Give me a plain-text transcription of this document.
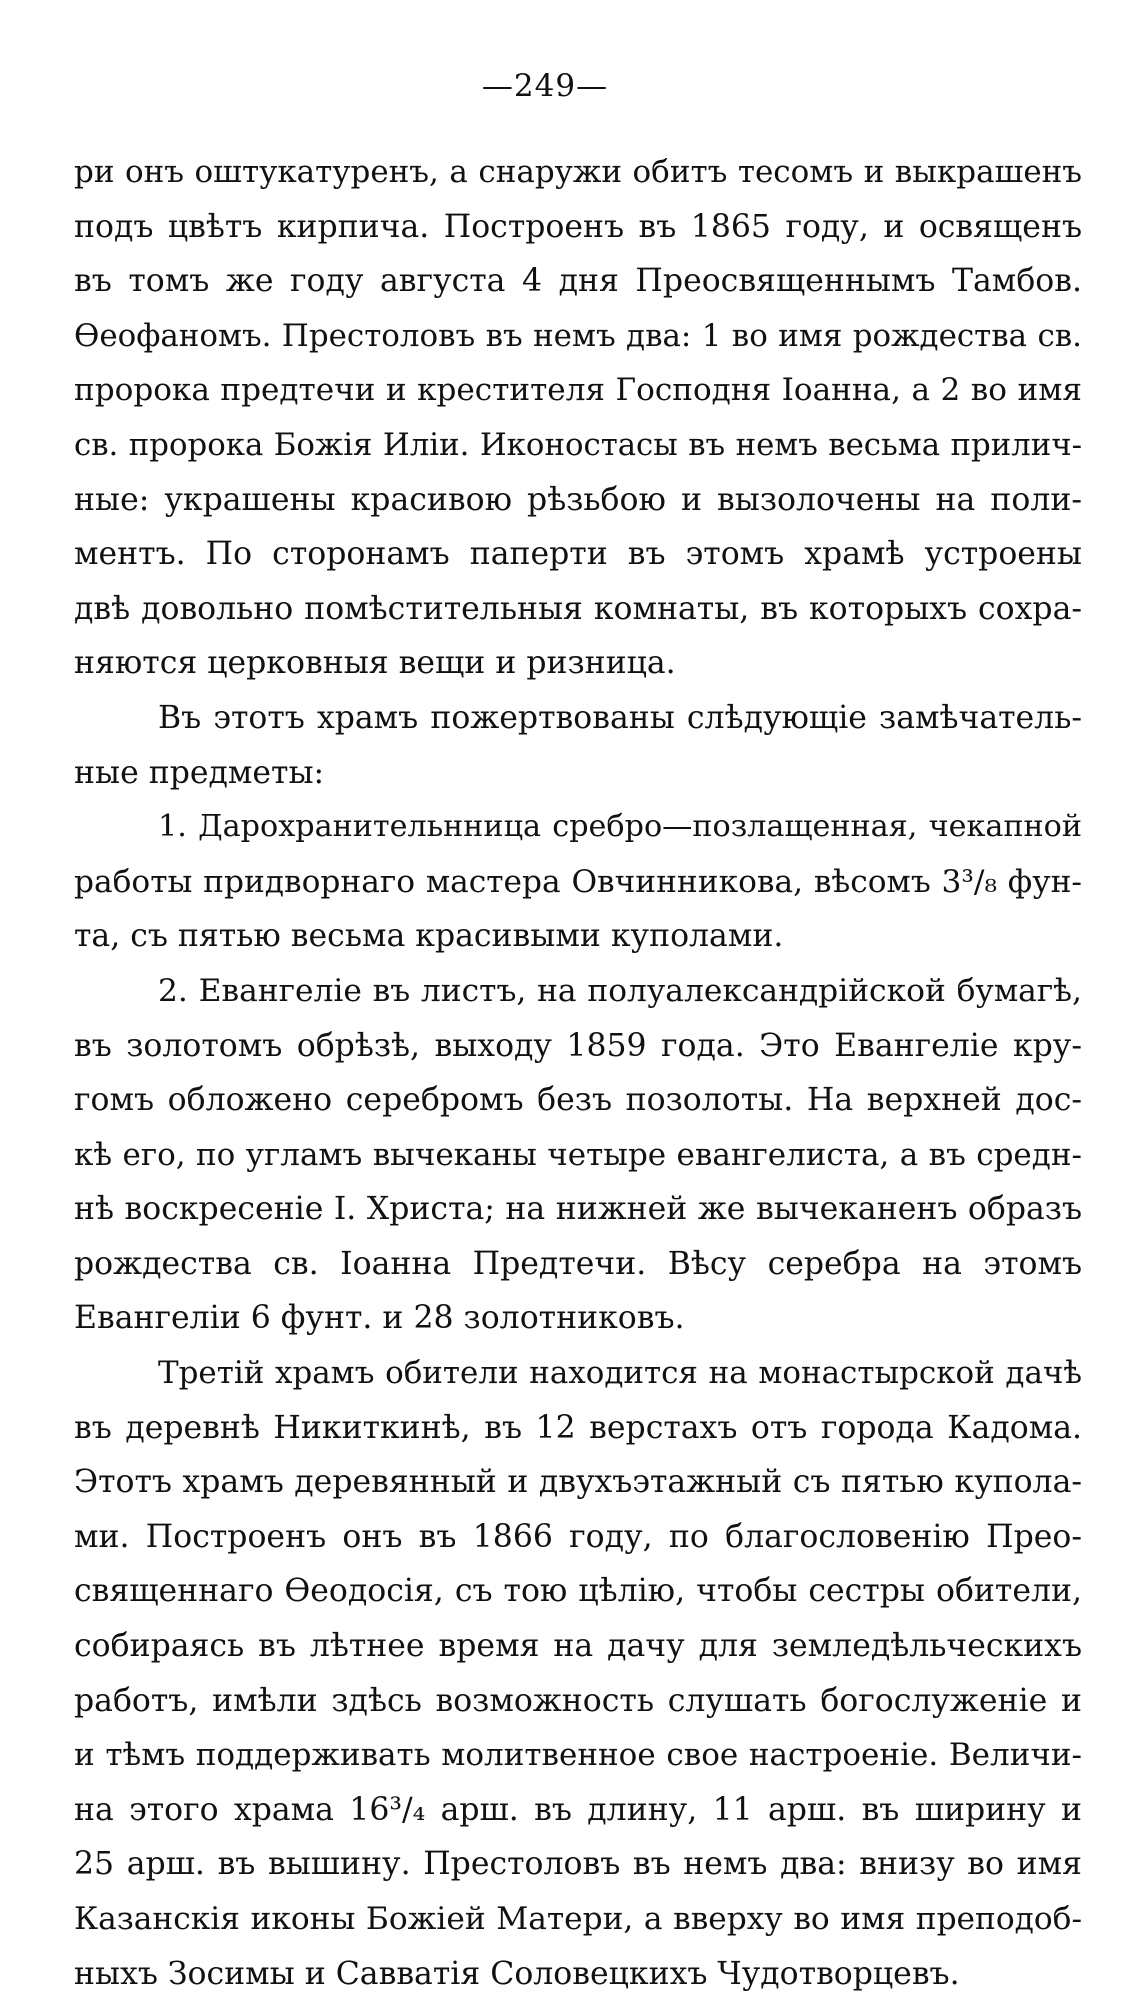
—249—
ри онъ оштукатуренъ, а снаружи обитъ тесомъ и выкрашенъ
подъ цвѣтъ кирпича. Построенъ въ 1865 году, и освященъ
въ томъ же году августа 4 дня Преосвященнымъ Тамбов.
Ѳеофаномъ. Престоловъ въ немъ два: 1 во имя рождества св.
пророка предтечи и крестителя Господня Іоанна, а 2 во имя
св. пророка Божія Иліи. Иконостасы въ немъ весьма прилич-
ные: украшены красивою рѣзьбою и вызолочены на поли-
ментъ. По сторонамъ паперти въ этомъ храмѣ устроены
двѣ довольно помѣстительныя комнаты, въ которыхъ сохра-
няются церковныя вещи и ризница.
Въ этотъ храмъ пожертвованы слѣдующіе замѣчатель-
ные предметы:
1. Дарохранительнница сребро—позлащенная, чекапной
работы придворнаго мастера Овчинникова, вѣсомъ 3³/₈ фун-
та, съ пятью весьма красивыми куполами.
2. Евангеліе въ листъ, на полуалександрійской бумагѣ,
въ золотомъ обрѣзѣ, выходу 1859 года. Это Евангеліе кру-
гомъ обложено серебромъ безъ позолоты. На верхней дос-
кѣ его, по угламъ вычеканы четыре евангелиста, а въ средн-
нѣ воскресеніе І. Христа; на нижней же вычеканенъ образъ
рождества св. Іоанна Предтечи. Вѣсу серебра на этомъ
Евангеліи 6 фунт. и 28 золотниковъ.
Третій храмъ обители находится на монастырской дачѣ
въ деревнѣ Никиткинѣ, въ 12 верстахъ отъ города Кадома.
Этотъ храмъ деревянный и двухъэтажный съ пятью купола-
ми. Построенъ онъ въ 1866 году, по благословенію Прео-
священнаго Ѳеодосія, съ тою цѣлію, чтобы сестры обители,
собираясь въ лѣтнее время на дачу для земледѣльческихъ
работъ, имѣли здѣсь возможность слушать богослуженіе и
и тѣмъ поддерживать молитвенное свое настроеніе. Величи-
на этого храма 16³/₄ арш. въ длину, 11 арш. въ ширину и
25 арш. въ вышину. Престоловъ въ немъ два: внизу во имя
Казанскія иконы Божіей Матери, а вверху во имя преподоб-
ныхъ Зосимы и Савватія Соловецкихъ Чудотворцевъ.
